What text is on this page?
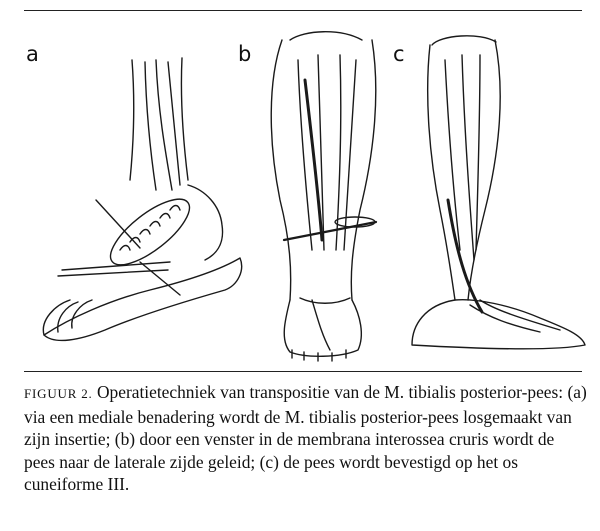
a	b	c
FIGUUR 2. Operatietechniek van transpositie van de M. tibialis posterior-pees: (a) via een mediale benadering wordt de M. tibialis posterior-pees losgemaakt van zijn insertie; (b) door een venster in de membrana interossea cruris wordt de pees naar de laterale zijde geleid; (c) de pees wordt bevestigd op het os cuneiforme III.
